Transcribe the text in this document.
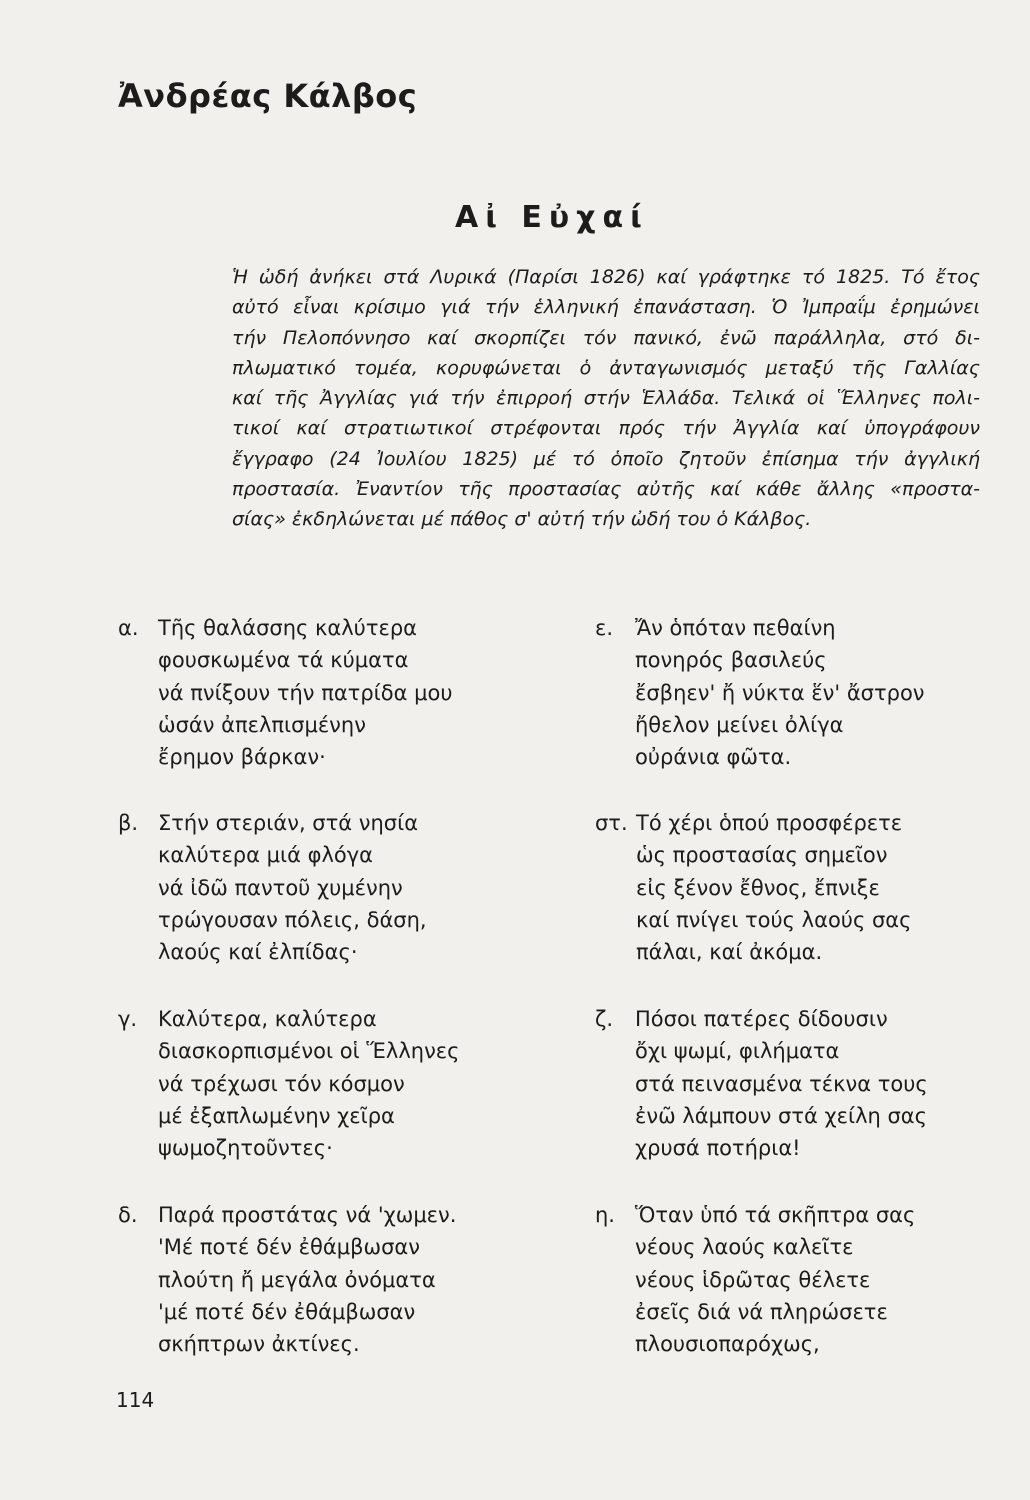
Ἀνδρέας Κάλβος
Αἰ Εὐχαί

Ἡ ὠδή ἀνήκει στά Λυρικά (Παρίσι 1826) καί γράφτηκε τό 1825. Τό ἔτος
αὐτό εἶναι κρίσιμο γιά τήν ἑλληνική ἐπανάσταση. Ὁ Ἰμπραΐμ ἐρημώνει
τήν Πελοπόννησο καί σκορπίζει τόν πανικό, ἐνῶ παράλληλα, στό δι-
πλωματικό τομέα, κορυφώνεται ὁ ἀνταγωνισμός μεταξύ τῆς Γαλλίας
καί τῆς Ἀγγλίας γιά τήν ἐπιρροή στήν Ἑλλάδα. Τελικά οἱ Ἕλληνες πολι-
τικοί καί στρατιωτικοί στρέφονται πρός τήν Ἀγγλία καί ὑπογράφουν
ἔγγραφο (24 Ἰουλίου 1825) μέ τό ὁποῖο ζητοῦν ἐπίσημα τήν ἀγγλική
προστασία. Ἐναντίον τῆς προστασίας αὐτῆς καί κάθε ἄλλης «προστα-
σίας» ἐκδηλώνεται μέ πάθος σ' αὐτή τήν ὠδή του ὁ Κάλβος.

α. Τῆς θαλάσσης καλύτερα
φουσκωμένα τά κύματα
νά πνίξουν τήν πατρίδα μου
ὡσάν ἀπελπισμένην
ἔρημον βάρκαν·
β. Στήν στεριάν, στά νησία
καλύτερα μιά φλόγα
νά ἰδῶ παντοῦ χυμένην
τρώγουσαν πόλεις, δάση,
λαούς καί ἐλπίδας·
γ. Καλύτερα, καλύτερα
διασκορπισμένοι οἱ Ἕλληνες
νά τρέχωσι τόν κόσμον
μέ ἐξαπλωμένην χεῖρα
ψωμοζητοῦντες·
δ. Παρά προστάτας νά 'χωμεν.
'Μέ ποτέ δέν ἐθάμβωσαν
πλούτη ἤ μεγάλα ὀνόματα
'μέ ποτέ δέν ἐθάμβωσαν
σκήπτρων ἀκτίνες.
ε. Ἄν ὁπόταν πεθαίνη
πονηρός βασιλεύς
ἔσβηεν' ἤ νύκτα ἕν' ἄστρον
ἤθελον μείνει ὀλίγα
οὐράνια φῶτα.
στ. Τό χέρι ὁπού προσφέρετε
ὡς προστασίας σημεῖον
εἰς ξένον ἔθνος, ἔπνιξε
καί πνίγει τούς λαούς σας
πάλαι, καί ἀκόμα.
ζ. Πόσοι πατέρες δίδουσιν
ὄχι ψωμί, φιλήματα
στά πειvασμένα τέκνα τους
ἐνῶ λάμπουν στά χείλη σας
χρυσά ποτήρια!
η. Ὅταν ὑπό τά σκῆπτρα σας
νέους λαούς καλεῖτε
νέους ἱδρῶτας θέλετε
ἐσεῖς διά νά πληρώσετε
πλουσιοπαρόχως,

114
